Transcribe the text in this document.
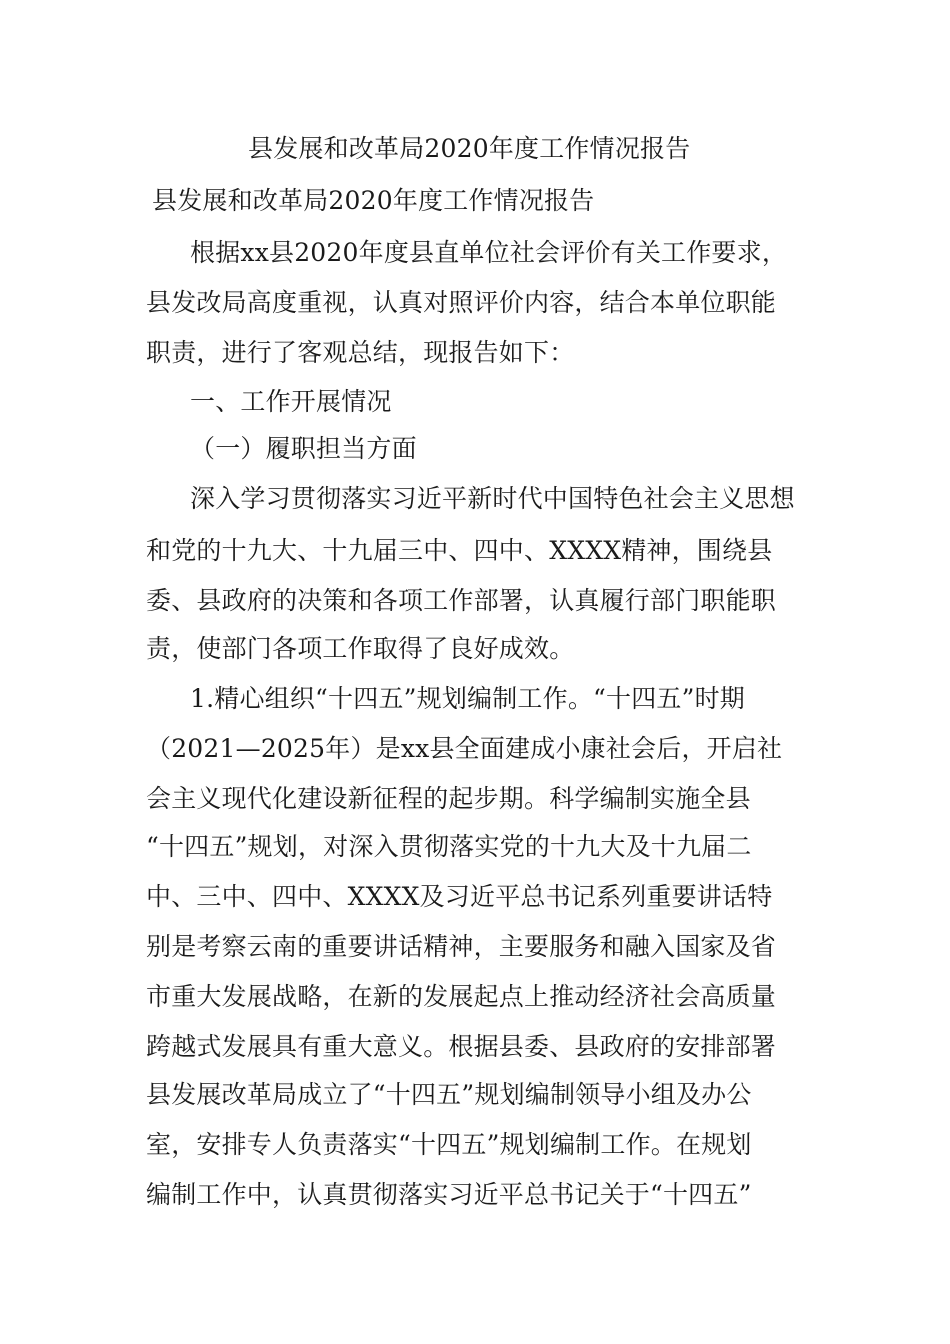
县发展和改革局2020年度工作情况报告
县发展和改革局2020年度工作情况报告
根据xx县2020年度县直单位社会评价有关工作要求，
县发改局高度重视，认真对照评价内容，结合本单位职能
职责，进行了客观总结，现报告如下：
一、工作开展情况
（一）履职担当方面
深入学习贯彻落实习近平新时代中国特色社会主义思想
和党的十九大、十九届三中、四中、XXXX精神，围绕县
委、县政府的决策和各项工作部署，认真履行部门职能职
责，使部门各项工作取得了良好成效。
1.精心组织“十四五”规划编制工作。“十四五”时期
（2021—2025年）是xx县全面建成小康社会后，开启社
会主义现代化建设新征程的起步期。科学编制实施全县
“十四五”规划，对深入贯彻落实党的十九大及十九届二
中、三中、四中、XXXX及习近平总书记系列重要讲话特
别是考察云南的重要讲话精神，主要服务和融入国家及省
市重大发展战略，在新的发展起点上推动经济社会高质量
跨越式发展具有重大意义。根据县委、县政府的安排部署
县发展改革局成立了“十四五”规划编制领导小组及办公
室，安排专人负责落实“十四五”规划编制工作。在规划
编制工作中，认真贯彻落实习近平总书记关于“十四五”
